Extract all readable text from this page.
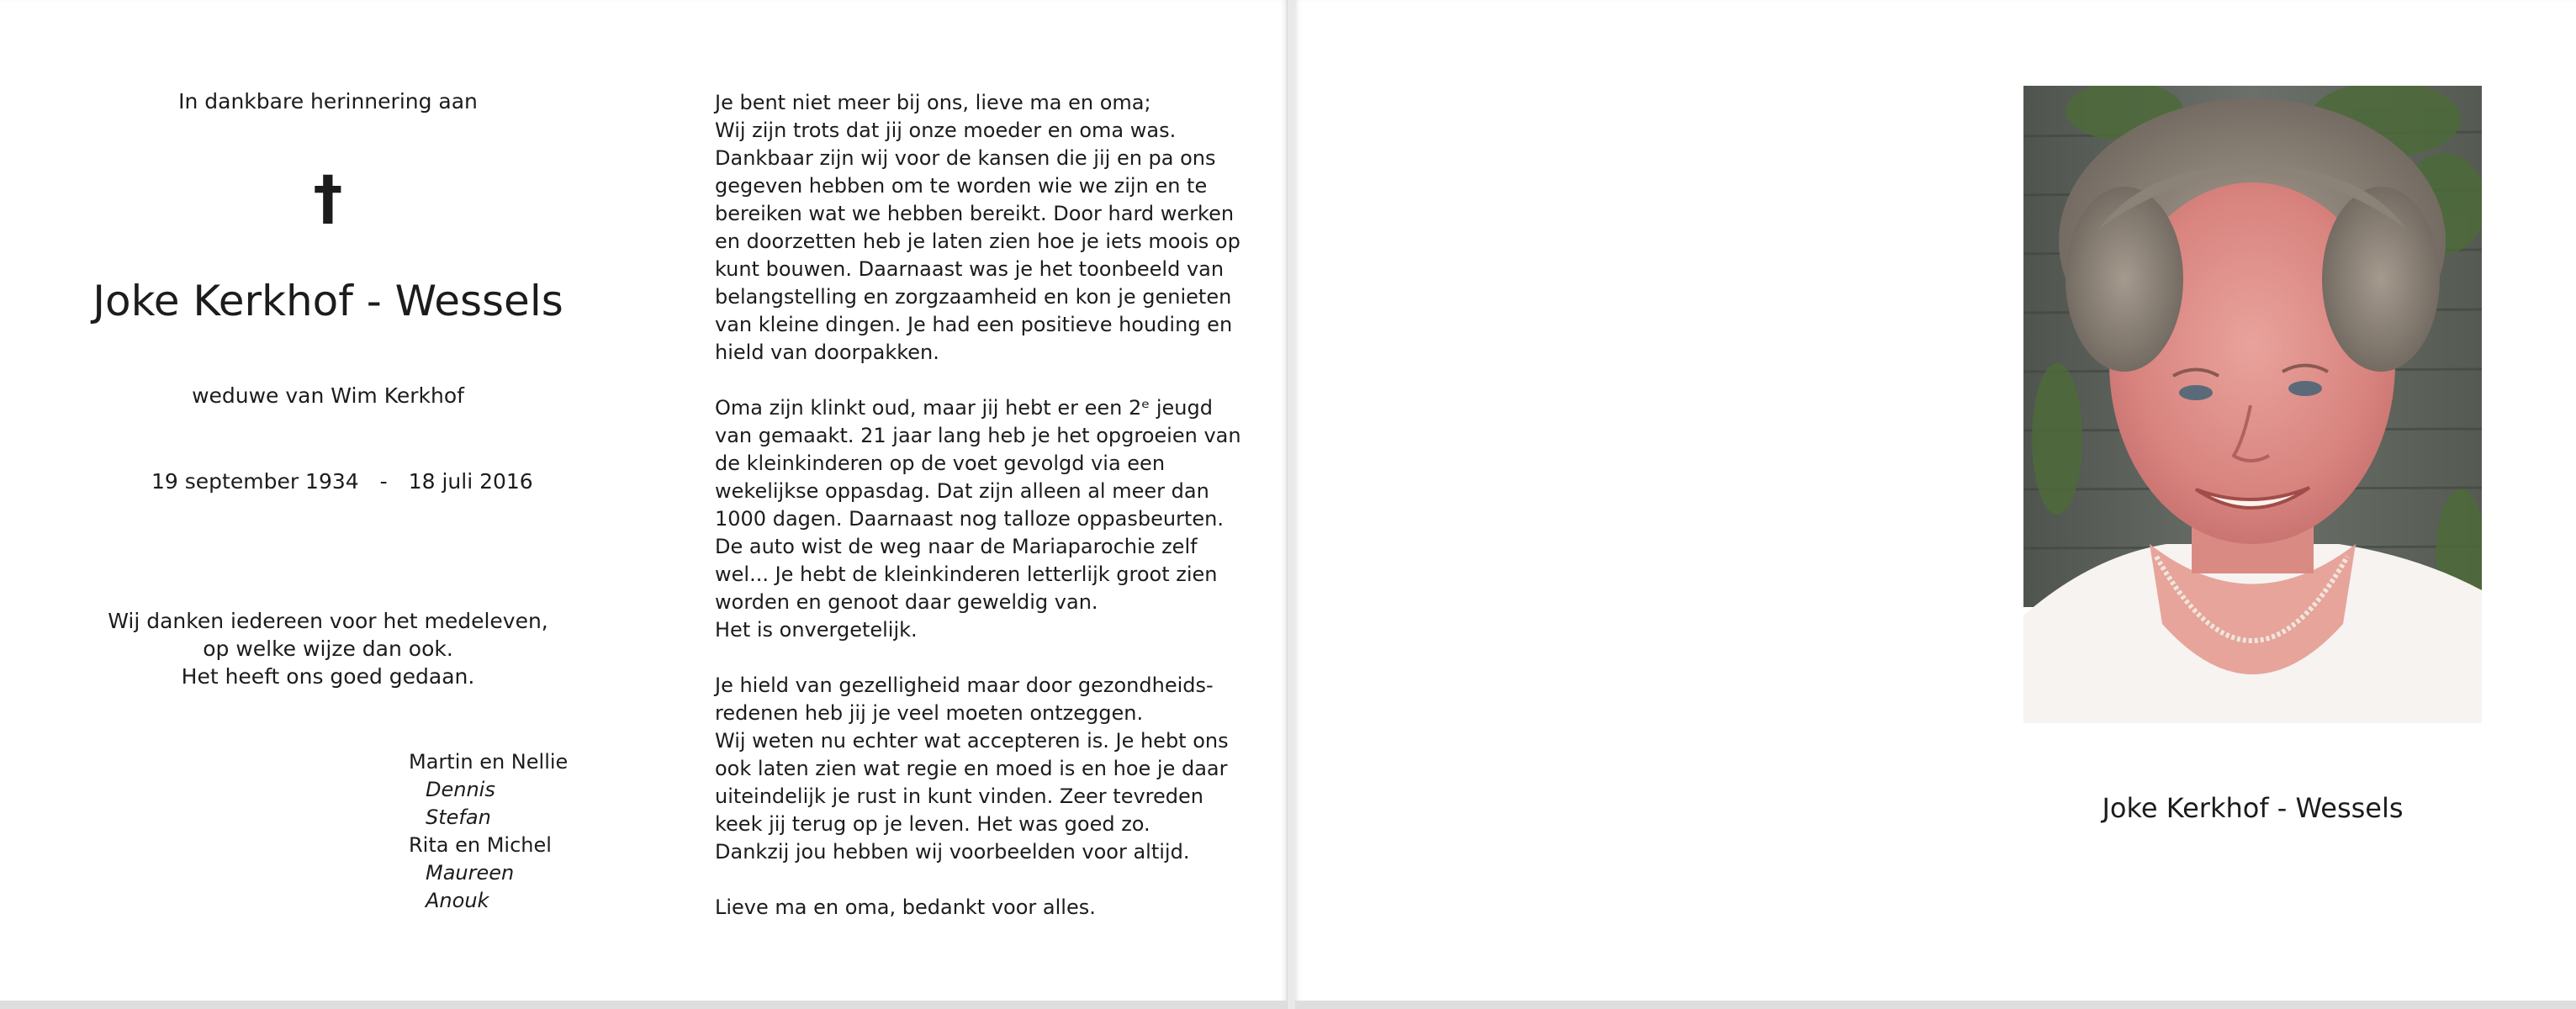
In dankbare herinnering aan
†
Joke Kerkhof - Wessels
weduwe van Wim Kerkhof
19 september 1934 - 18 juli 2016
Wij danken iedereen voor het medeleven,
op welke wijze dan ook.
Het heeft ons goed gedaan.
Martin en Nellie
Dennis
Stefan
Rita en Michel
Maureen
Anouk
Je bent niet meer bij ons, lieve ma en oma;
Wij zijn trots dat jij onze moeder en oma was.
Dankbaar zijn wij voor de kansen die jij en pa ons
gegeven hebben om te worden wie we zijn en te
bereiken wat we hebben bereikt. Door hard werken
en doorzetten heb je laten zien hoe je iets moois op
kunt bouwen. Daarnaast was je het toonbeeld van
belangstelling en zorgzaamheid en kon je genieten
van kleine dingen. Je had een positieve houding en
hield van doorpakken.
Oma zijn klinkt oud, maar jij hebt er een 2ᵉ jeugd
van gemaakt. 21 jaar lang heb je het opgroeien van
de kleinkinderen op de voet gevolgd via een
wekelijkse oppasdag. Dat zijn alleen al meer dan
1000 dagen. Daarnaast nog talloze oppasbeurten.
De auto wist de weg naar de Mariaparochie zelf
wel... Je hebt de kleinkinderen letterlijk groot zien
worden en genoot daar geweldig van.
Het is onvergetelijk.
Je hield van gezelligheid maar door gezondheids-
redenen heb jij je veel moeten ontzeggen.
Wij weten nu echter wat accepteren is. Je hebt ons
ook laten zien wat regie en moed is en hoe je daar
uiteindelijk je rust in kunt vinden. Zeer tevreden
keek jij terug op je leven. Het was goed zo.
Dankzij jou hebben wij voorbeelden voor altijd.
Lieve ma en oma, bedankt voor alles.
Joke Kerkhof - Wessels
